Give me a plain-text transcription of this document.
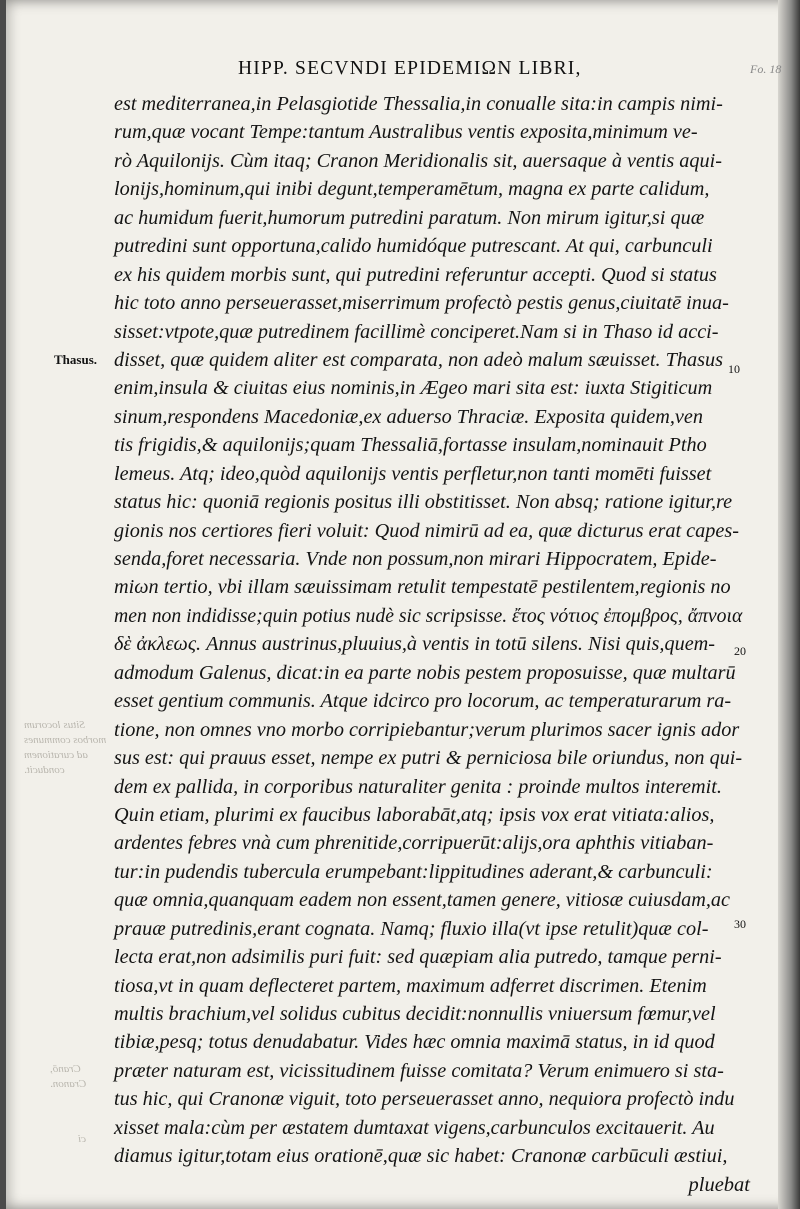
HIPP. SECVNDI EPIDEMIΩN LIBRI,	Fo. 18
Thasus.
10
20
30
Situs locorum morbos communes ad curationem conducit.
Cranō, Cranon.
ci
est mediterranea,in Pelasgiotide Thessalia,in conualle sita:in campis nimi-
rum,quæ vocant Tempe:tantum Australibus ventis exposita,minimum ve-
rò Aquilonijs. Cùm itaq; Cranon Meridionalis sit, auersaque à ventis aqui-
lonijs,hominum,qui inibi degunt,temperamētum, magna ex parte calidum,
ac humidum fuerit,humorum putredini paratum. Non mirum igitur,si quæ
putredini sunt opportuna,calido humidóque putrescant. At qui, carbunculi
ex his quidem morbis sunt, qui putredini referuntur accepti. Quod si status
hic toto anno perseuerasset,miserrimum profectò pestis genus,ciuitatē inua-
sisset:vtpote,quæ putredinem facillimè conciperet.Nam si in Thaso id acci-
disset, quæ quidem aliter est comparata, non adeò malum sæuisset. Thasus
enim,insula & ciuitas eius nominis,in Ægeo mari sita est: iuxta Stigiticum
sinum,respondens Macedoniæ,ex aduerso Thraciæ. Exposita quidem,ven
tis frigidis,& aquilonijs;quam Thessaliā,fortasse insulam,nominauit Ptho
lemeus. Atq; ideo,quòd aquilonijs ventis perfletur,non tanti momēti fuisset
status hic: quoniā regionis positus illi obstitisset. Non absq; ratione igitur,re
gionis nos certiores fieri voluit: Quod nimirū ad ea, quæ dicturus erat capes-
senda,foret necessaria. Vnde non possum,non mirari Hippocratem, Epide-
miωn tertio, vbi illam sæuissimam retulit tempestatē pestilentem,regionis no
men non indidisse;quin potius nudè sic scripsisse. ἔτος νότιος ἐπομβρος, ἄπνοια
δὲ ἀκλεως. Annus austrinus,pluuius,à ventis in totū silens. Nisi quis,quem-
admodum Galenus, dicat:in ea parte nobis pestem proposuisse, quæ multarū
esset gentium communis. Atque idcirco pro locorum, ac temperaturarum ra-
tione, non omnes vno morbo corripiebantur;verum plurimos sacer ignis ador
sus est: qui prauus esset, nempe ex putri & perniciosa bile oriundus, non qui-
dem ex pallida, in corporibus naturaliter genita : proinde multos interemit.
Quin etiam, plurimi ex faucibus laborabāt,atq; ipsis vox erat vitiata:alios,
ardentes febres vnà cum phrenitide,corripuerūt:alijs,ora aphthis vitiaban-
tur:in pudendis tubercula erumpebant:lippitudines aderant,& carbunculi:
quæ omnia,quanquam eadem non essent,tamen genere, vitiosæ cuiusdam,ac
prauæ putredinis,erant cognata. Namq; fluxio illa(vt ipse retulit)quæ col-
lecta erat,non adsimilis puri fuit: sed quæpiam alia putredo, tamque perni-
tiosa,vt in quam deflecteret partem, maximum adferret discrimen. Etenim
multis brachium,vel solidus cubitus decidit:nonnullis vniuersum fœmur,vel
tibiæ,pesq; totus denudabatur. Vides hæc omnia maximā status, in id quod
præter naturam est, vicissitudinem fuisse comitata? Verum enimuero si sta-
tus hic, qui Cranonæ viguit, toto perseuerasset anno, nequiora profectò indu
xisset mala:cùm per æstatem dumtaxat vigens,carbunculos excitauerit. Au
diamus igitur,totam eius orationē,quæ sic habet: Cranonæ carbūculi æstiui,
pluebat
